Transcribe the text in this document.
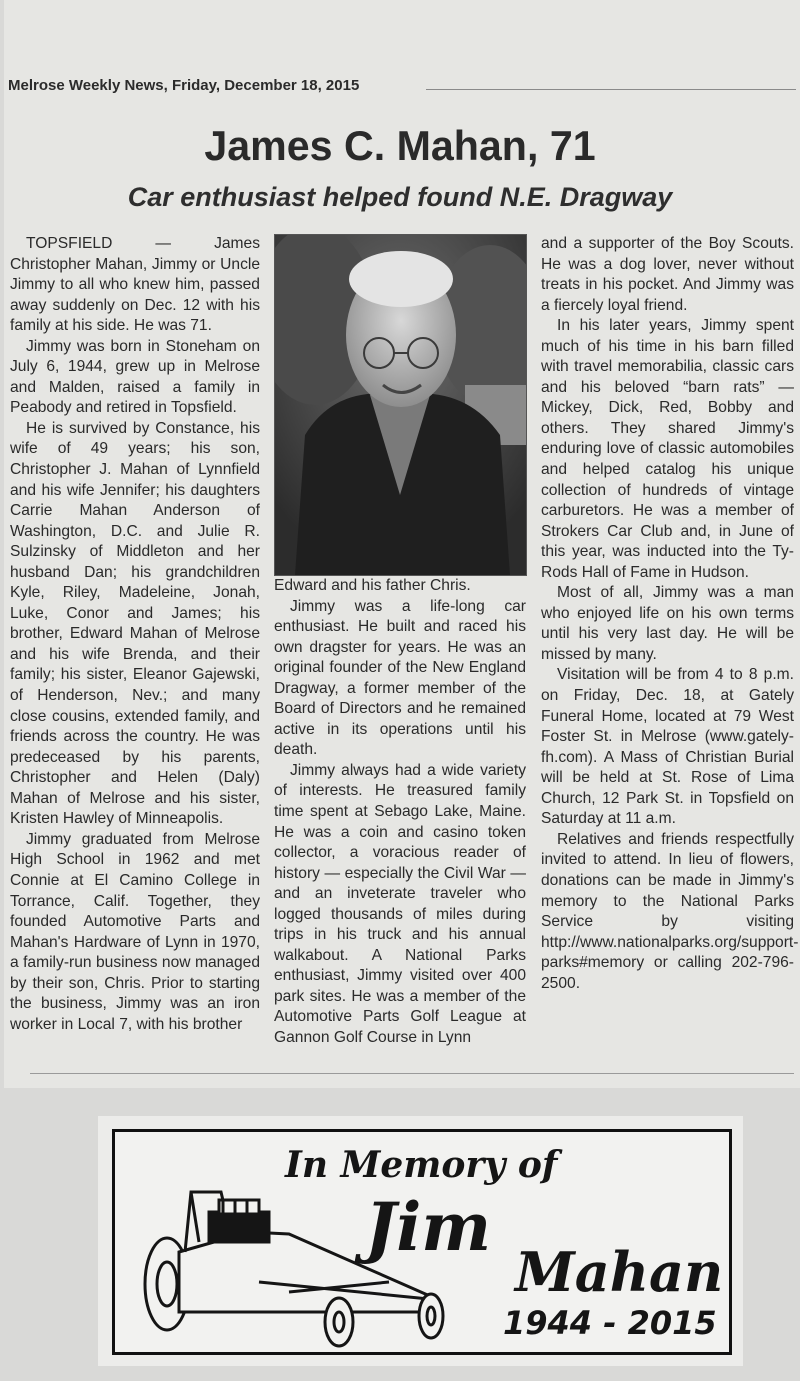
Melrose Weekly News, Friday, December 18, 2015
James C. Mahan, 71
Car enthusiast helped found N.E. Dragway

TOPSFIELD — James Christopher Mahan, Jimmy or Uncle Jimmy to all who knew him, passed away suddenly on Dec. 12 with his family at his side. He was 71.

Jimmy was born in Stoneham on July 6, 1944, grew up in Melrose and Malden, raised a family in Peabody and retired in Topsfield.

He is survived by Constance, his wife of 49 years; his son, Christopher J. Mahan of Lynnfield and his wife Jennifer; his daughters Carrie Mahan Anderson of Washington, D.C. and Julie R. Sulzinsky of Middleton and her husband Dan; his grandchildren Kyle, Riley, Madeleine, Jonah, Luke, Conor and James; his brother, Edward Mahan of Melrose and his wife Brenda, and their family; his sister, Eleanor Gajewski, of Henderson, Nev.; and many close cousins, extended family, and friends across the country. He was predeceased by his parents, Christopher and Helen (Daly) Mahan of Melrose and his sister, Kristen Hawley of Minneapolis.

Jimmy graduated from Melrose High School in 1962 and met Connie at El Camino College in Torrance, Calif. Together, they founded Automotive Parts and Mahan's Hardware of Lynn in 1970, a family-run business now managed by their son, Chris. Prior to starting the business, Jimmy was an iron worker in Local 7, with his brother

Edward and his father Chris.

Jimmy was a life-long car enthusiast. He built and raced his own dragster for years. He was an original founder of the New England Dragway, a former member of the Board of Directors and he remained active in its operations until his death.

Jimmy always had a wide variety of interests. He treasured family time spent at Sebago Lake, Maine. He was a coin and casino token collector, a voracious reader of history — especially the Civil War — and an inveterate traveler who logged thousands of miles during trips in his truck and his annual walkabout. A National Parks enthusiast, Jimmy visited over 400 park sites. He was a member of the Automotive Parts Golf League at Gannon Golf Course in Lynn

and a supporter of the Boy Scouts. He was a dog lover, never without treats in his pocket. And Jimmy was a fiercely loyal friend.

In his later years, Jimmy spent much of his time in his barn filled with travel memorabilia, classic cars and his beloved “barn rats” — Mickey, Dick, Red, Bobby and others. They shared Jimmy's enduring love of classic automobiles and helped catalog his unique collection of hundreds of vintage carburetors. He was a member of Strokers Car Club and, in June of this year, was inducted into the Ty-Rods Hall of Fame in Hudson.

Most of all, Jimmy was a man who enjoyed life on his own terms until his very last day. He will be missed by many.

Visitation will be from 4 to 8 p.m. on Friday, Dec. 18, at Gately Funeral Home, located at 79 West Foster St. in Melrose (www.gately-fh.com). A Mass of Christian Burial will be held at St. Rose of Lima Church, 12 Park St. in Topsfield on Saturday at 11 a.m.

Relatives and friends respectfully invited to attend. In lieu of flowers, donations can be made in Jimmy's memory to the National Parks Service by visiting http://www.nationalparks.org/support-parks#memory or calling 202-796-2500.

In Memory of
Jim
Mahan
1944 - 2015
